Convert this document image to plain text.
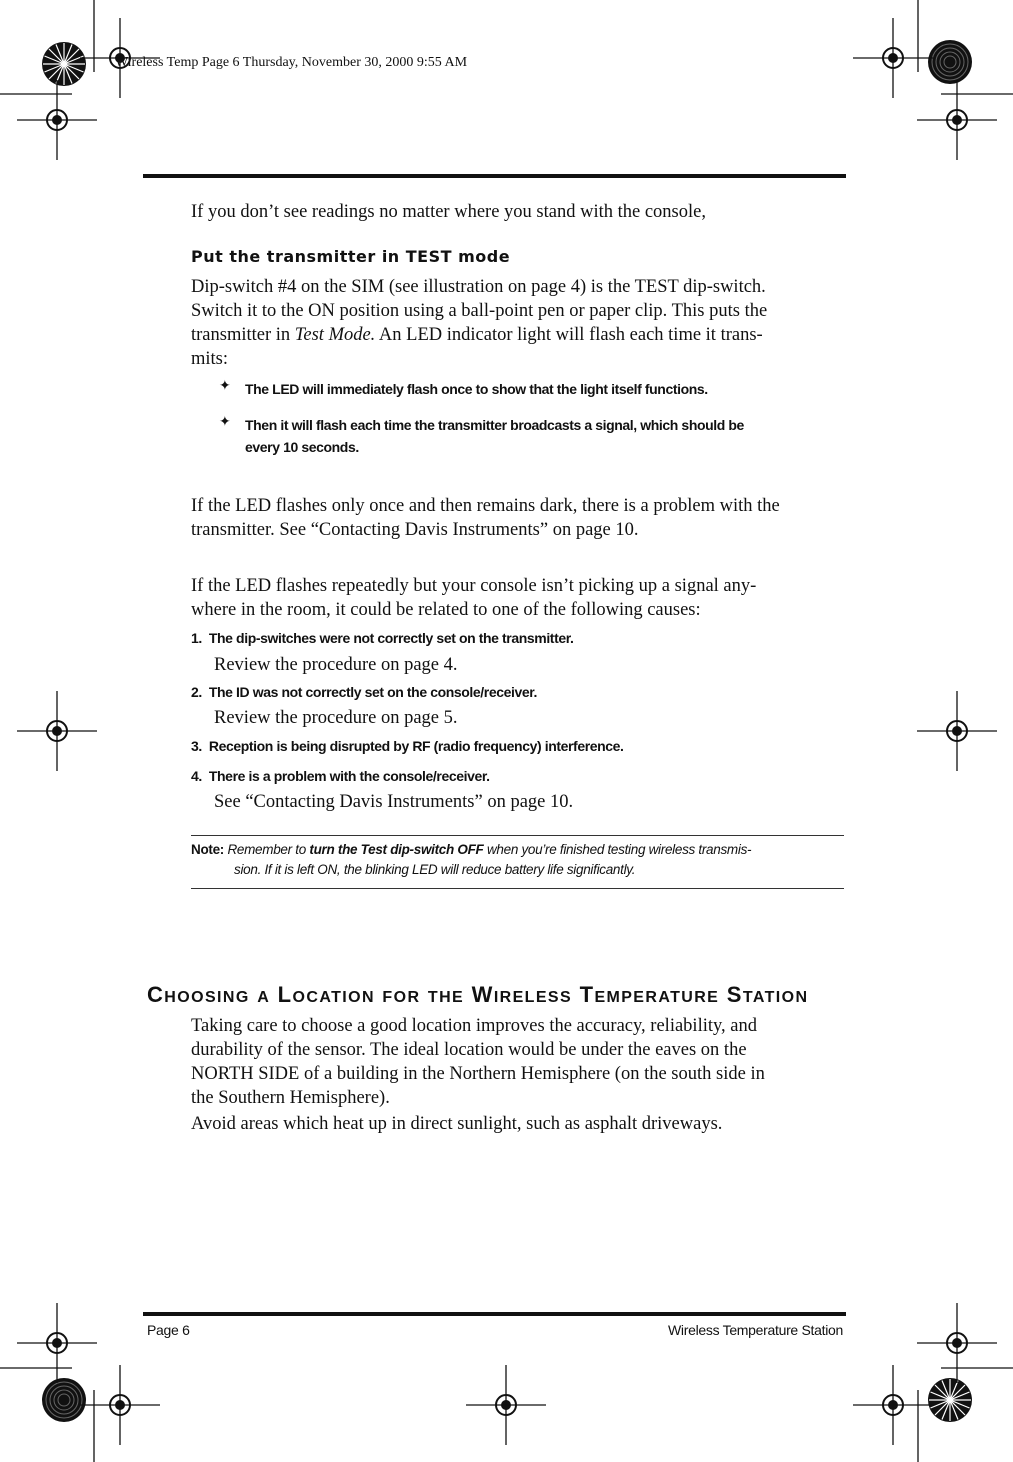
Wireless Temp Page 6 Thursday, November 30, 2000 9:55 AM
If you don’t see readings no matter where you stand with the console,
Put the transmitter in TEST mode
Dip-switch #4 on the SIM (see illustration on page 4) is the TEST dip-switch.
Switch it to the ON position using a ball-point pen or paper clip. This puts the
transmitter in Test Mode. An LED indicator light will flash each time it trans-
mits:
✦ The LED will immediately flash once to show that the light itself functions.
✦ Then it will flash each time the transmitter broadcasts a signal, which should be
every 10 seconds.
If the LED flashes only once and then remains dark, there is a problem with the
transmitter. See “Contacting Davis Instruments” on page 10.
If the LED flashes repeatedly but your console isn’t picking up a signal any-
where in the room, it could be related to one of the following causes:
1. The dip-switches were not correctly set on the transmitter.
Review the procedure on page 4.
2. The ID was not correctly set on the console/receiver.
Review the procedure on page 5.
3. Reception is being disrupted by RF (radio frequency) interference.
4. There is a problem with the console/receiver.
See “Contacting Davis Instruments” on page 10.
Note: Remember to turn the Test dip-switch OFF when you’re finished testing wireless transmis-
sion. If it is left ON, the blinking LED will reduce battery life significantly.
CHOOSING A LOCATION FOR THE WIRELESS TEMPERATURE STATION
Taking care to choose a good location improves the accuracy, reliability, and
durability of the sensor. The ideal location would be under the eaves on the
NORTH SIDE of a building in the Northern Hemisphere (on the south side in
the Southern Hemisphere).
Avoid areas which heat up in direct sunlight, such as asphalt driveways.
Page 6	Wireless Temperature Station
